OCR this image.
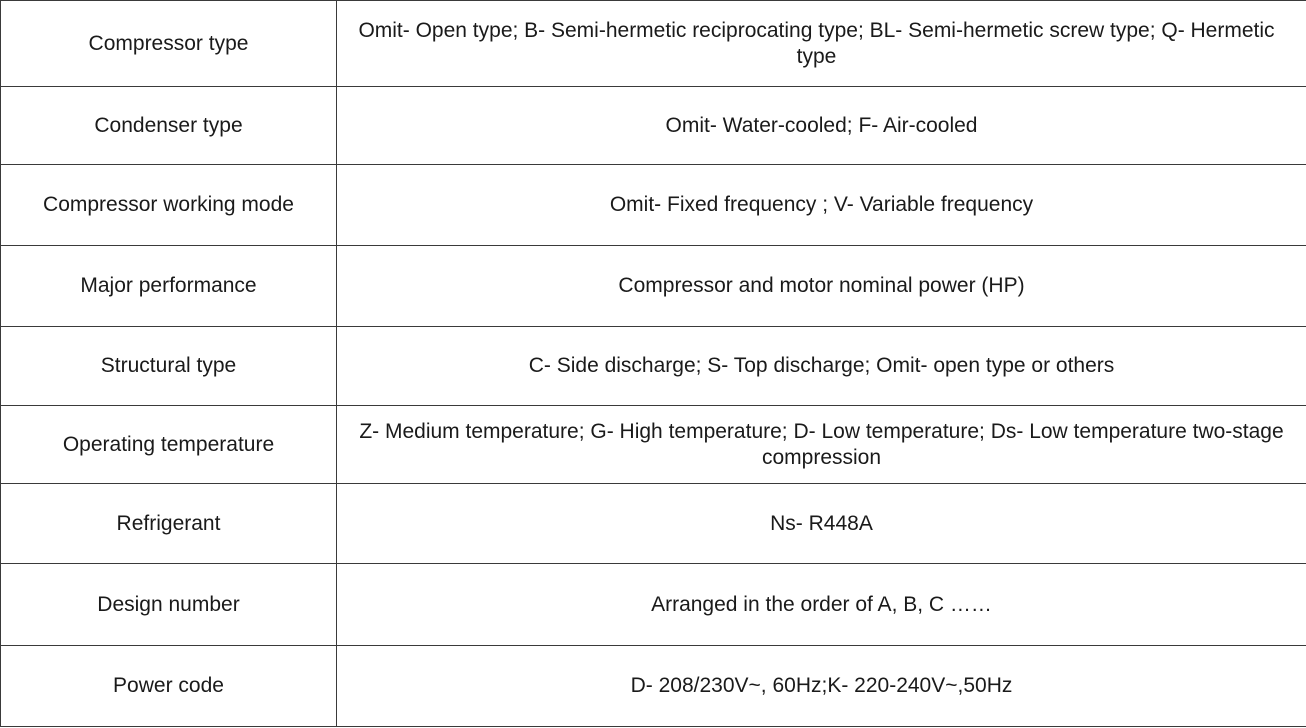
Compressor type	Omit- Open type; B- Semi-hermetic reciprocating type; BL- Semi-hermetic screw type; Q- Hermetic type
Condenser type	Omit- Water-cooled; F- Air-cooled
Compressor working mode	Omit- Fixed frequency ; V- Variable frequency
Major performance	Compressor and motor nominal power (HP)
Structural type	C- Side discharge; S- Top discharge; Omit- open type or others
Operating temperature	Z- Medium temperature; G- High temperature; D- Low temperature; Ds- Low temperature two-stage compression
Refrigerant	Ns- R448A
Design number	Arranged in the order of A, B, C ……
Power code	D- 208/230V~, 60Hz;K- 220-240V~,50Hz
